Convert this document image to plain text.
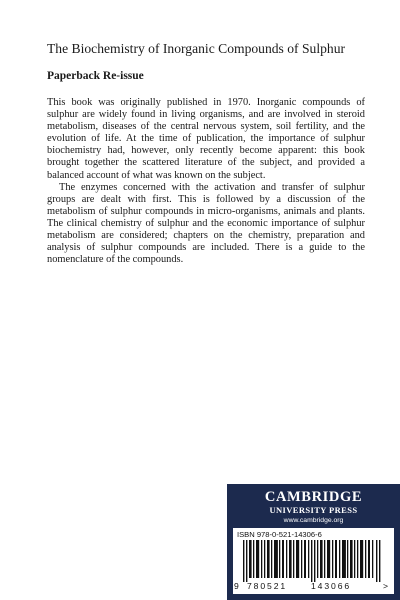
The Biochemistry of Inorganic Compounds of Sulphur
Paperback Re-issue

This book was originally published in 1970. Inorganic compounds of sulphur are widely found in living organisms, and are involved in steroid metabolism, diseases of the central nervous system, soil fertility, and the evolution of life. At the time of publication, the importance of sulphur biochemistry had, however, only recently become apparent: this book brought together the scattered literature of the subject, and provided a balanced account of what was known on the subject.

The enzymes concerned with the activation and transfer of sulphur groups are dealt with first. This is followed by a discussion of the metabolism of sulphur compounds in micro-organisms, animals and plants. The clinical chemistry of sulphur and the economic importance of sulphur metabolism are considered; chapters on the chemistry, preparation and analysis of sulphur compounds are included. There is a guide to the nomenclature of the compounds.

CAMBRIDGE
UNIVERSITY PRESS
www.cambridge.org
ISBN 978-0-521-14306-6
9 780521	143066	>
